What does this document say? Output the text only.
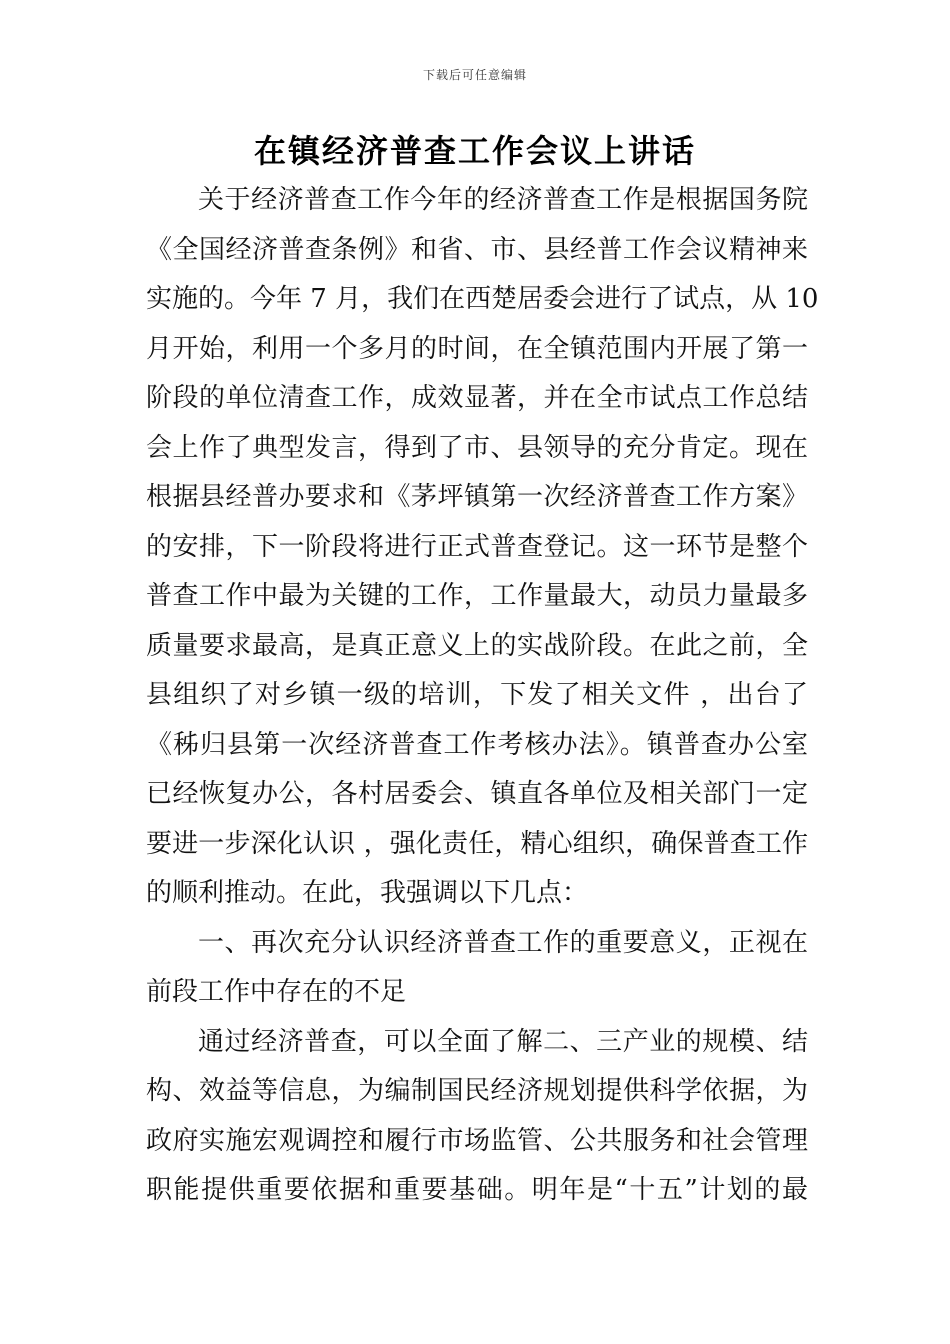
下载后可任意编辑
在镇经济普查工作会议上讲话
关于经济普查工作今年的经济普查工作是根据国务院
《全国经济普查条例》和省、市、县经普工作会议精神来
实施的。今年 7 月，我们在西楚居委会进行了试点，从 10
月开始，利用一个多月的时间，在全镇范围内开展了第一
阶段的单位清查工作，成效显著，并在全市试点工作总结
会上作了典型发言，得到了市、县领导的充分肯定。现在
根据县经普办要求和《茅坪镇第一次经济普查工作方案》
的安排，下一阶段将进行正式普查登记。这一环节是整个
普查工作中最为关键的工作，工作量最大，动员力量最多
质量要求最高，是真正意义上的实战阶段。在此之前，全
县组织了对乡镇一级的培训，下发了相关文件 ，出台了
《秭归县第一次经济普查工作考核办法》。镇普查办公室
已经恢复办公，各村居委会、镇直各单位及相关部门一定
要进一步深化认识 ，强化责任，精心组织，确保普查工作
的顺利推动。在此，我强调以下几点：
一、再次充分认识经济普查工作的重要意义，正视在
前段工作中存在的不足
通过经济普查，可以全面了解二、三产业的规模、结
构、效益等信息，为编制国民经济规划提供科学依据，为
政府实施宏观调控和履行市场监管、公共服务和社会管理
职能提供重要依据和重要基础。明年是“十五”计划的最
